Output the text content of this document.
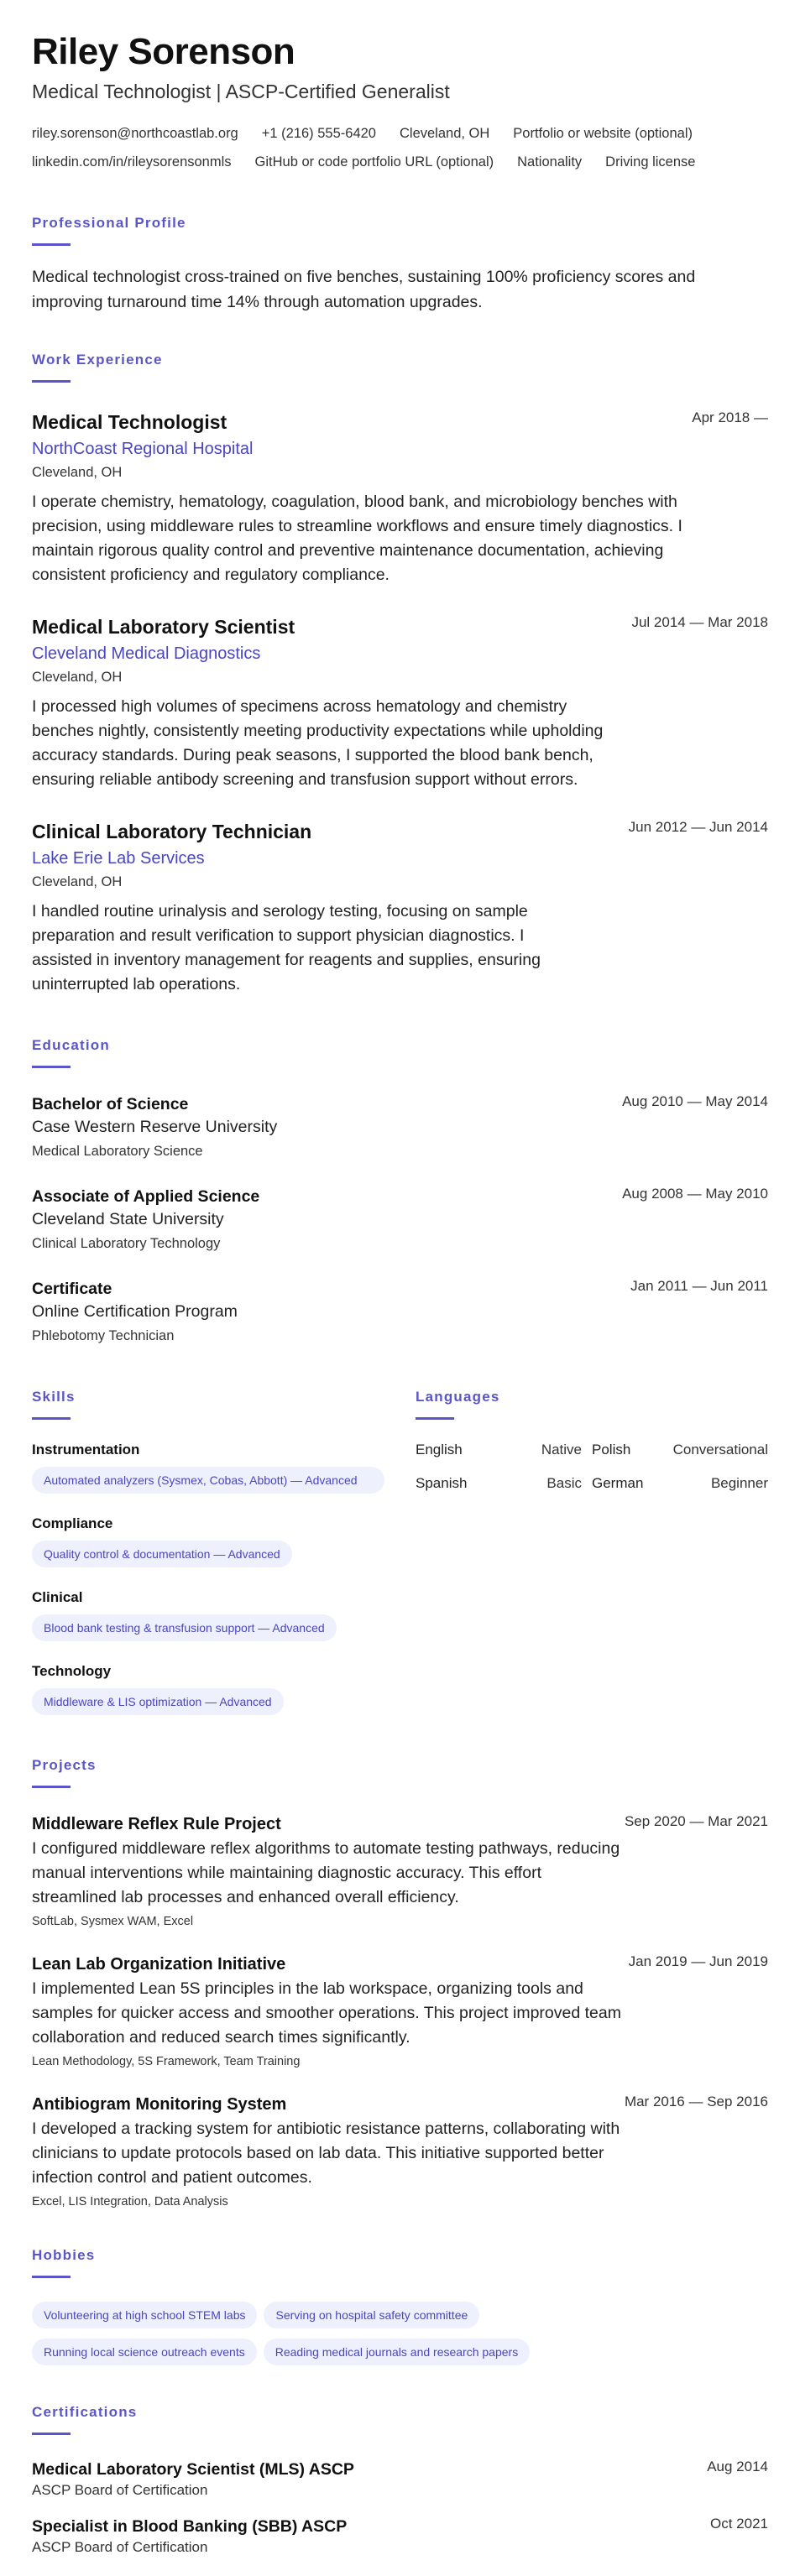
Riley Sorenson
Medical Technologist | ASCP-Certified Generalist
riley.sorenson@northcoastlab.org +1 (216) 555-6420 Cleveland, OH Portfolio or website (optional)
linkedin.com/in/rileysorensonmls GitHub or code portfolio URL (optional) Nationality Driving license
Professional Profile
Medical technologist cross-trained on five benches, sustaining 100% proficiency scores and improving turnaround time 14% through automation upgrades.
Work Experience
Medical Technologist	Apr 2018 —
NorthCoast Regional Hospital
Cleveland, OH
I operate chemistry, hematology, coagulation, blood bank, and microbiology benches with precision, using middleware rules to streamline workflows and ensure timely diagnostics. I maintain rigorous quality control and preventive maintenance documentation, achieving consistent proficiency and regulatory compliance.
Medical Laboratory Scientist	Jul 2014 — Mar 2018
Cleveland Medical Diagnostics
Cleveland, OH
I processed high volumes of specimens across hematology and chemistry benches nightly, consistently meeting productivity expectations while upholding accuracy standards. During peak seasons, I supported the blood bank bench, ensuring reliable antibody screening and transfusion support without errors.
Clinical Laboratory Technician	Jun 2012 — Jun 2014
Lake Erie Lab Services
Cleveland, OH
I handled routine urinalysis and serology testing, focusing on sample preparation and result verification to support physician diagnostics. I assisted in inventory management for reagents and supplies, ensuring uninterrupted lab operations.
Education
Bachelor of Science	Aug 2010 — May 2014
Case Western Reserve University
Medical Laboratory Science
Associate of Applied Science	Aug 2008 — May 2010
Cleveland State University
Clinical Laboratory Technology
Certificate	Jan 2011 — Jun 2011
Online Certification Program
Phlebotomy Technician
Skills
Instrumentation
Automated analyzers (Sysmex, Cobas, Abbott) — Advanced
Compliance
Quality control & documentation — Advanced
Clinical
Blood bank testing & transfusion support — Advanced
Technology
Middleware & LIS optimization — Advanced
Languages
English	Native Polish	Conversational
Spanish	Basic German	Beginner
Projects
Middleware Reflex Rule Project	Sep 2020 — Mar 2021
I configured middleware reflex algorithms to automate testing pathways, reducing manual interventions while maintaining diagnostic accuracy. This effort streamlined lab processes and enhanced overall efficiency.
SoftLab, Sysmex WAM, Excel
Lean Lab Organization Initiative	Jan 2019 — Jun 2019
I implemented Lean 5S principles in the lab workspace, organizing tools and samples for quicker access and smoother operations. This project improved team collaboration and reduced search times significantly.
Lean Methodology, 5S Framework, Team Training
Antibiogram Monitoring System	Mar 2016 — Sep 2016
I developed a tracking system for antibiotic resistance patterns, collaborating with clinicians to update protocols based on lab data. This initiative supported better infection control and patient outcomes.
Excel, LIS Integration, Data Analysis
Hobbies
Volunteering at high school STEM labs	Serving on hospital safety committee
Running local science outreach events	Reading medical journals and research papers
Certifications
Medical Laboratory Scientist (MLS) ASCP	Aug 2014
ASCP Board of Certification
Specialist in Blood Banking (SBB) ASCP	Oct 2021
ASCP Board of Certification
